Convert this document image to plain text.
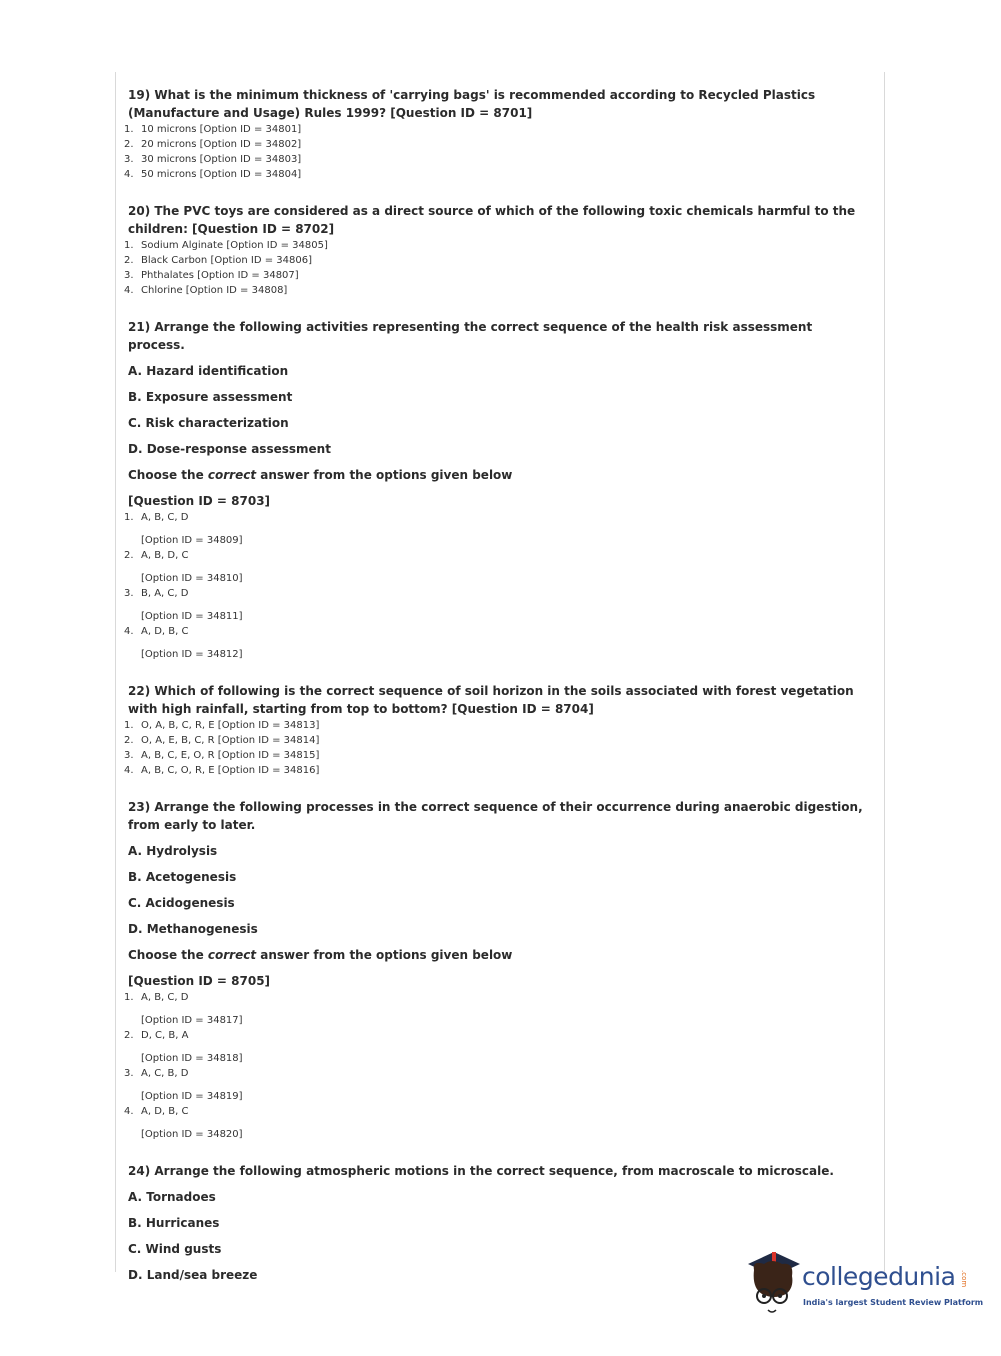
19) What is the minimum thickness of 'carrying bags' is recommended according to Recycled Plastics (Manufacture and Usage) Rules 1999? [Question ID = 8701]

1. 10 microns [Option ID = 34801]
2. 20 microns [Option ID = 34802]
3. 30 microns [Option ID = 34803]
4. 50 microns [Option ID = 34804]

20) The PVC toys are considered as a direct source of which of the following toxic chemicals harmful to the children: [Question ID = 8702]

1. Sodium Alginate [Option ID = 34805]
2. Black Carbon [Option ID = 34806]
3. Phthalates [Option ID = 34807]
4. Chlorine [Option ID = 34808]

21) Arrange the following activities representing the correct sequence of the health risk assessment process.

A. Hazard identification

B. Exposure assessment

C. Risk characterization

D. Dose-response assessment

Choose the correct answer from the options given below

[Question ID = 8703]

1. A, B, C, D
[Option ID = 34809]
2. A, B, D, C
[Option ID = 34810]
3. B, A, C, D
[Option ID = 34811]
4. A, D, B, C
[Option ID = 34812]

22) Which of following is the correct sequence of soil horizon in the soils associated with forest vegetation with high rainfall, starting from top to bottom? [Question ID = 8704]

1. O, A, B, C, R, E [Option ID = 34813]
2. O, A, E, B, C, R [Option ID = 34814]
3. A, B, C, E, O, R [Option ID = 34815]
4. A, B, C, O, R, E [Option ID = 34816]

23) Arrange the following processes in the correct sequence of their occurrence during anaerobic digestion, from early to later.

A. Hydrolysis

B. Acetogenesis

C. Acidogenesis

D. Methanogenesis

Choose the correct answer from the options given below

[Question ID = 8705]

1. A, B, C, D
[Option ID = 34817]
2. D, C, B, A
[Option ID = 34818]
3. A, C, B, D
[Option ID = 34819]
4. A, D, B, C
[Option ID = 34820]

24) Arrange the following atmospheric motions in the correct sequence, from macroscale to microscale.

A. Tornadoes

B. Hurricanes

C. Wind gusts

D. Land/sea breeze	collegedunia .com
India's largest Student Review Platform
